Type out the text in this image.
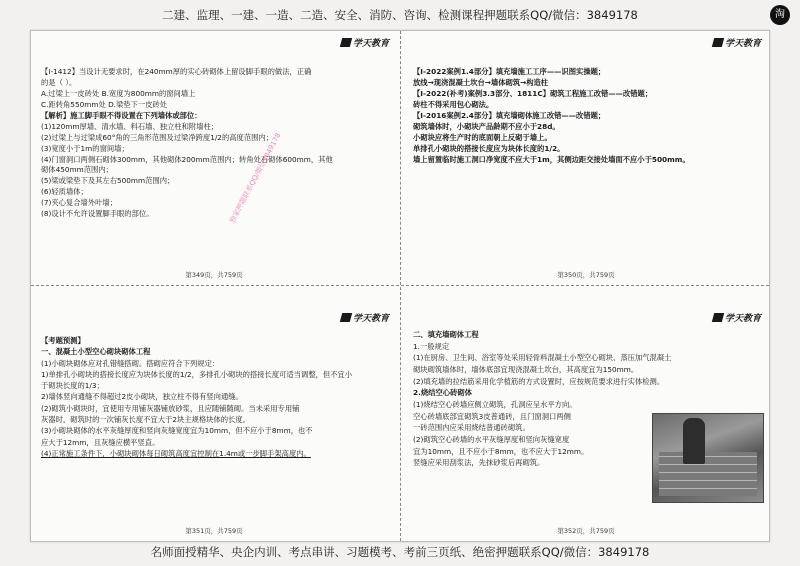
二建、监理、一建、一造、二造、安全、消防、咨询、检测课程押题联系QQ/微信：3849178	淘
学天教育
【Ⅰ-1412】当设计无要求时，在240mm厚的实心砖砌体上留设脚手眼的做法，正确
的是（ ）。
A.过梁上一皮砖处 B.宽度为800mm的窗间墙上
C.距转角550mm处 D.梁垫下一皮砖处
【解析】施工脚手眼不得设置在下列墙体或部位：
(1)120mm厚墙、清水墙、料石墙、独立柱和附墙柱；
(2)过梁上与过梁成60°角的三角形范围及过梁净跨度1/2的高度范围内；
(3)宽度小于1m的窗间墙；
(4)门窗洞口两侧石砌体300mm，其他砌体200mm范围内；转角处石砌体600mm，其他
砌体450mm范围内；
(5)梁或梁垫下及其左右500mm范围内；
(6)轻质墙体；
(7)夹心复合墙外叶墙；
(8)设计不允许设置脚手眼的部位。	独家押题联系QQ/微信3849178
第349页，共759页
学天教育
【Ⅰ-2022案例1.4部分】填充墙施工工序——识图实操题；
放线→现浇混凝土坎台→墙体砌筑→构造柱
【Ⅰ-2022(补考)案例3.3部分、1811C】砌筑工程施工改错——改错题；
砖柱不得采用包心砌法。
【Ⅰ-2016案例2.4部分】填充墙砌体施工改错——改错题；
砌筑墙体时，小砌块产品龄期不应小于28d。
小砌块应将生产时的底面朝上反砌于墙上。
单排孔小砌块的搭接长度应为块体长度的1/2。
墙上留置临时施工洞口净宽度不应大于1m，其侧边距交接处墙面不应小于500mm。
第350页，共759页
学天教育
【考题预测】
一、混凝土小型空心砌块砌体工程
(1)小砌块砌体应对孔错缝搭砌。搭砌应符合下列规定：
1)单排孔小砌块的搭接长度应为块体长度的1/2，多排孔小砌块的搭接长度可适当调整，但不宜小
于砌块长度的1/3；
2)墙体竖向通缝不得超过2皮小砌块，独立柱不得有竖向通缝。
(2)砌筑小砌块时，宜使用专用铺灰器铺放砂浆，且应随铺随砌。当未采用专用铺
灰器时，砌筑时的一次铺灰长度不宜大于2块主规格块体的长度。
(3)小砌块砌体的水平灰缝厚度和竖向灰缝宽度宜为10mm，但不应小于8mm，也不
应大于12mm，且灰缝应横平竖直。
(4)正常施工条件下，小砌块砌体每日砌筑高度宜控制在1.4m或一步脚手架高度内。
第351页，共759页
学天教育
二、填充墙砌体工程
1.一般规定
(1)在厨房、卫生间、浴室等处采用轻骨料混凝土小型空心砌块、蒸压加气混凝土
砌块砌筑墙体时，墙体底部宜现浇混凝土坎台，其高度宜为150mm。
(2)填充墙的拉结筋采用化学植筋的方式设置时，应按规范要求进行实体检测。
2.烧结空心砖砌体
(1)烧结空心砖墙应侧立砌筑，孔洞应呈水平方向。
空心砖墙底部宜砌筑3皮普通砖，且门窗洞口两侧
一砖范围内应采用烧结普通砖砌筑。
(2)砌筑空心砖墙的水平灰缝厚度和竖向灰缝宽度
宜为10mm，且不应小于8mm，也不应大于12mm。
竖缝应采用刮浆法，先抹砂浆后再砌筑。
第352页，共759页
名师面授精华、央企内训、考点串讲、习题模考、考前三页纸、绝密押题联系QQ/微信：3849178
